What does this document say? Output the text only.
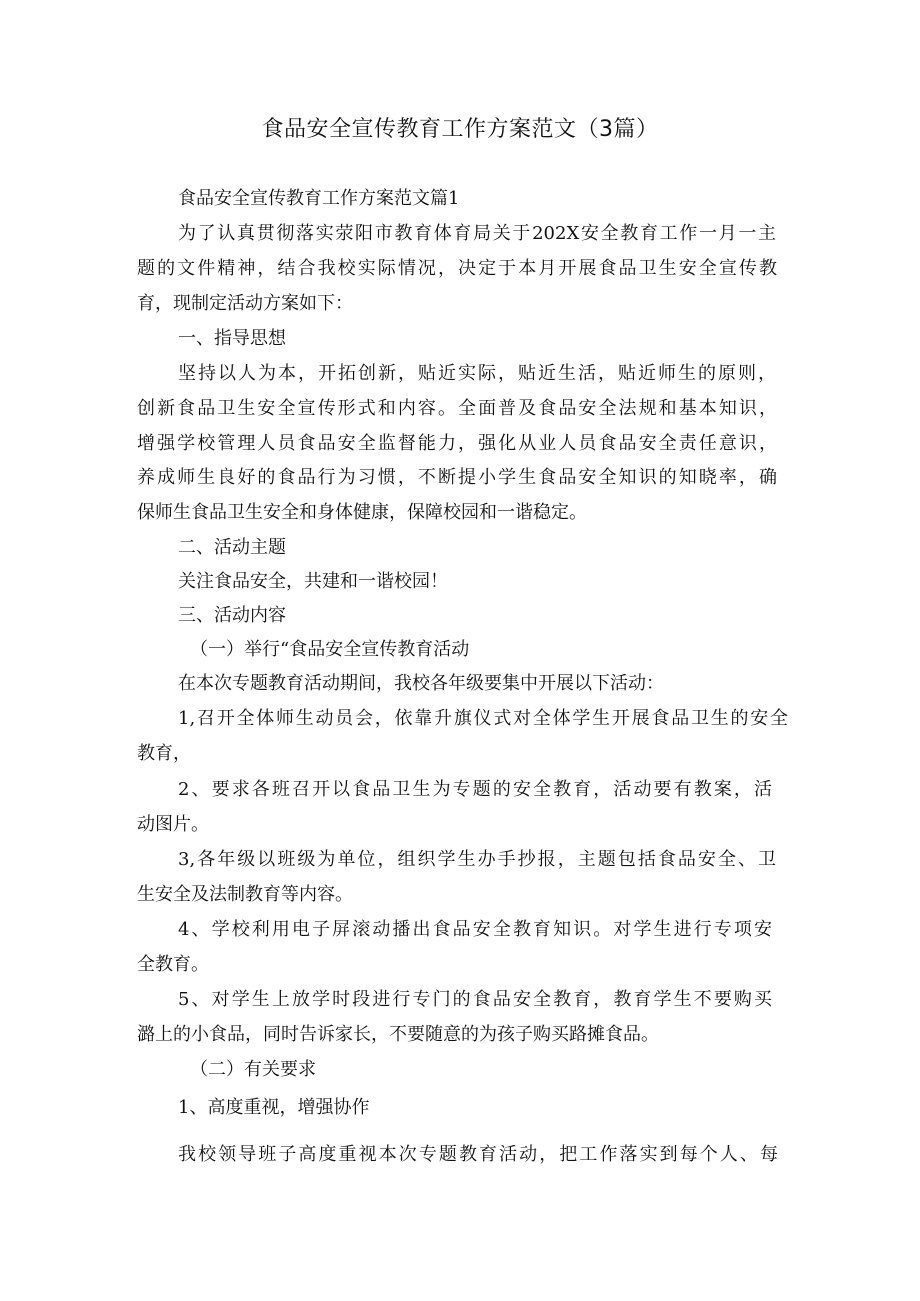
食品安全宣传教育工作方案范文（3篇）
食品安全宣传教育工作方案范文篇1
为了认真贯彻落实荥阳市教育体育局关于202X安全教育工作一月一主
题的文件精神，结合我校实际情况，决定于本月开展食品卫生安全宣传教
育，现制定活动方案如下：
一、指导思想
坚持以人为本，开拓创新，贴近实际，贴近生活，贴近师生的原则，
创新食品卫生安全宣传形式和内容。全面普及食品安全法规和基本知识，
增强学校管理人员食品安全监督能力，强化从业人员食品安全责任意识，
养成师生良好的食品行为习惯，不断提小学生食品安全知识的知晓率，确
保师生食品卫生安全和身体健康，保障校园和一谐稳定。
二、活动主题
关注食品安全，共建和一谐校园！
三、活动内容
（一）举行“食品安全宣传教育活动
在本次专题教育活动期间，我校各年级要集中开展以下活动：
1,召开全体师生动员会，依靠升旗仪式对全体学生开展食品卫生的安全
教育，
2、要求各班召开以食品卫生为专题的安全教育，活动要有教案，活
动图片。
3,各年级以班级为单位，组织学生办手抄报，主题包括食品安全、卫
生安全及法制教育等内容。
4、学校利用电子屏滚动播出食品安全教育知识。对学生进行专项安
全教育。
5、对学生上放学时段进行专门的食品安全教育，教育学生不要购买
潞上的小食品，同时告诉家长，不要随意的为孩子购买路摊食品。
（二）有关要求
1、高度重视，增强协作
我校领导班子高度重视本次专题教育活动，把工作落实到每个人、每
